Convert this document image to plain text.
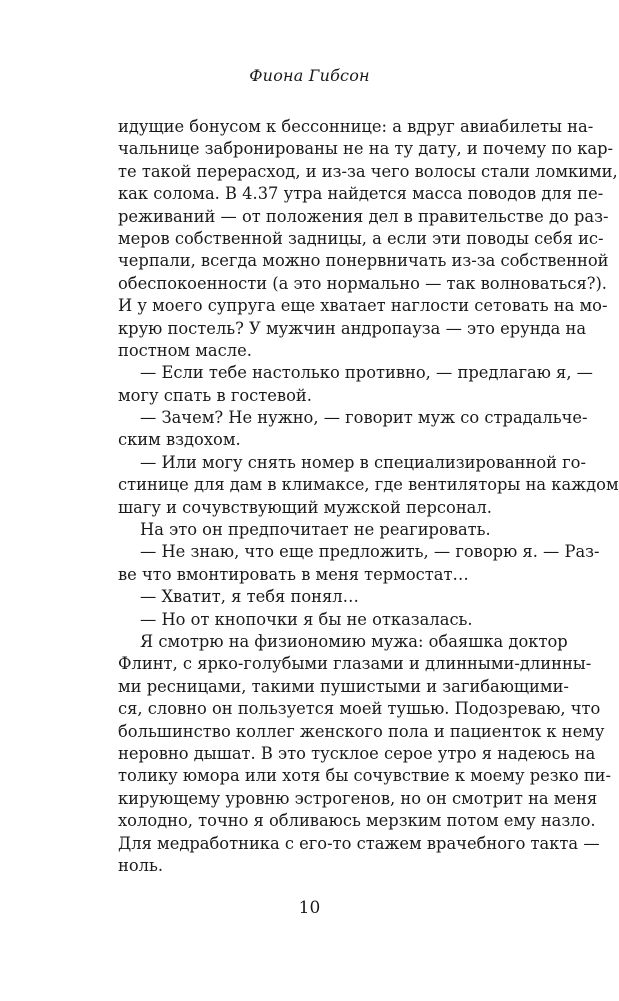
Фиона Гибсон
идущие бонусом к бессоннице: а вдруг авиабилеты на-
чальнице забронированы не на ту дату, и почему по кар-
те такой перерасход, и из-за чего волосы стали ломкими,
как солома. В 4.37 утра найдется масса поводов для пе-
реживаний — от положения дел в правительстве до раз-
меров собственной задницы, а если эти поводы себя ис-
черпали, всегда можно понервничать из-за собственной
обеспокоенности (а это нормально — так волноваться?).
И у моего супруга еще хватает наглости сетовать на мо-
крую постель? У мужчин андропауза — это ерунда на
постном масле.
— Если тебе настолько противно, — предлагаю я, —
могу спать в гостевой.
— Зачем? Не нужно, — говорит муж со страдальче-
ским вздохом.
— Или могу снять номер в специализированной го-
стинице для дам в климаксе, где вентиляторы на каждом
шагу и сочувствующий мужской персонал.
На это он предпочитает не реагировать.
— Не знаю, что еще предложить, — говорю я. — Раз-
ве что вмонтировать в меня термостат…
— Хватит, я тебя понял…
— Но от кнопочки я бы не отказалась.
Я смотрю на физиономию мужа: обаяшка доктор
Флинт, с ярко-голубыми глазами и длинными-длинны-
ми ресницами, такими пушистыми и загибающими-
ся, словно он пользуется моей тушью. Подозреваю, что
большинство коллег женского пола и пациенток к нему
неровно дышат. В это тусклое серое утро я надеюсь на
толику юмора или хотя бы сочувствие к моему резко пи-
кирующему уровню эстрогенов, но он смотрит на меня
холодно, точно я обливаюсь мерзким потом ему назло.
Для медработника с его-то стажем врачебного такта —
ноль.
10
